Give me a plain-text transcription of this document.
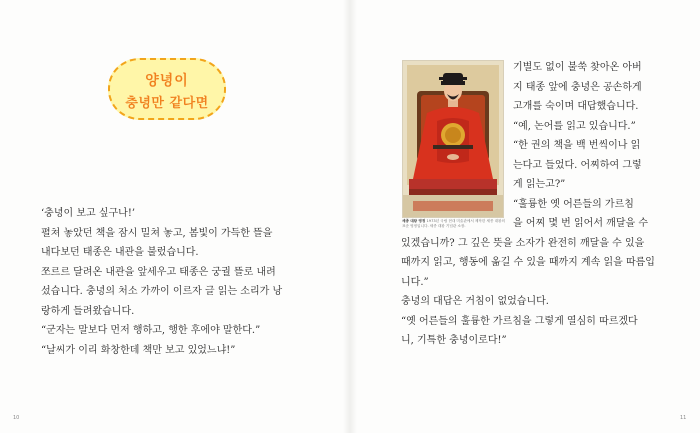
양녕이
충녕만 같다면
‘충녕이 보고 싶구나!’
펼쳐 놓았던 책을 잠시 밀쳐 놓고, 봄빛이 가득한 뜰을
내다보던 태종은 내관을 불렀습니다.
쪼르르 달려온 내관을 앞세우고 태종은 궁궐 뜰로 내려
섰습니다. 충녕의 처소 가까이 이르자 글 읽는 소리가 낭
랑하게 들려왔습니다.
“군자는 말보다 먼저 행하고, 행한 후에야 말한다.”
“날씨가 이리 화창한데 책만 보고 있었느냐!”
세종 대왕 영정 1973년 국립 현대 미술관에서 제작한 세종 대왕의 표준 영정입니다. 세종 대왕 기념관 소장.
기별도 없이 불쑥 찾아온 아버
지 태종 앞에 충녕은 공손하게
고개를 숙이며 대답했습니다.
“예, 논어를 읽고 있습니다.”
“한 권의 책을 백 번씩이나 읽
는다고 들었다. 어찌하여 그렇
게 읽는고?”
“훌륭한 옛 어른들의 가르침
을 어찌 몇 번 읽어서 깨달을 수
있겠습니까? 그 깊은 뜻을 소자가 완전히 깨달을 수 있을
때까지 읽고, 행동에 옮길 수 있을 때까지 계속 읽을 따름입
니다.”
충녕의 대답은 거침이 없었습니다.
“옛 어른들의 훌륭한 가르침을 그렇게 열심히 따르겠다
니, 기특한 충녕이로다!”
10	11
